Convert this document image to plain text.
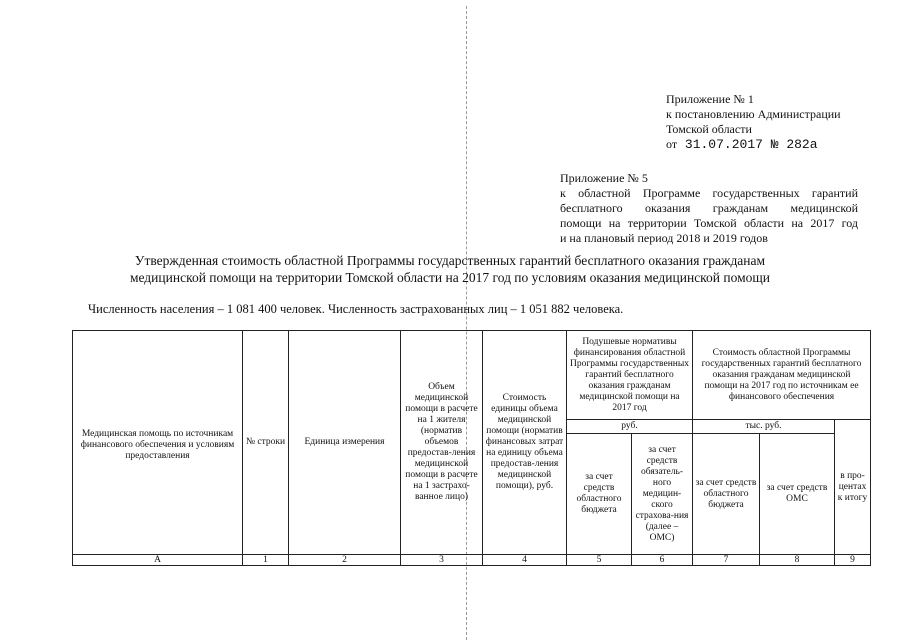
Приложение № 1
к постановлению Администрации
Томской области
от 31.07.2017 № 282а
Приложение № 5
к областной Программе государственных гарантий
бесплатного оказания гражданам медицинской
помощи на территории Томской области на 2017 год
и на плановый период 2018 и 2019 годов
Утвержденная стоимость областной Программы государственных гарантий бесплатного оказания гражданам
медицинской помощи на территории Томской области на 2017 год по условиям оказания медицинской помощи
Численность населения – 1 081 400 человек. Численность застрахованных лиц – 1 051 882 человека.
Медицинская помощь по источникам финансового обеспечения и условиям предоставления	№ строки	Единица измерения	Объем медицинской помощи в расчете на 1 жителя (норматив объемов предостав-ления медицинской помощи в расчете на 1 застрахо-ванное лицо)	Стоимость единицы объема медицинской помощи (норматив финансовых затрат на единицу объема предостав-ления медицинской помощи), руб.	Подушевые нормативы финансирования областной Программы государственных гарантий бесплатного оказания гражданам медицинской помощи на 2017 год		Стоимость областной Программы государственных гарантий бесплатного оказания гражданам медицинской помощи на 2017 год по источникам ее финансового обеспечения		
					руб.		тыс. руб.		в про-центах к итогу
					за счет средств областного бюджета	за счет средств обязатель-ного медицин-ского страхова-ния (далее – ОМС)	за счет средств областного бюджета	за счет средств ОМС	
А	1	2	3	4	5	6	7	8	9
